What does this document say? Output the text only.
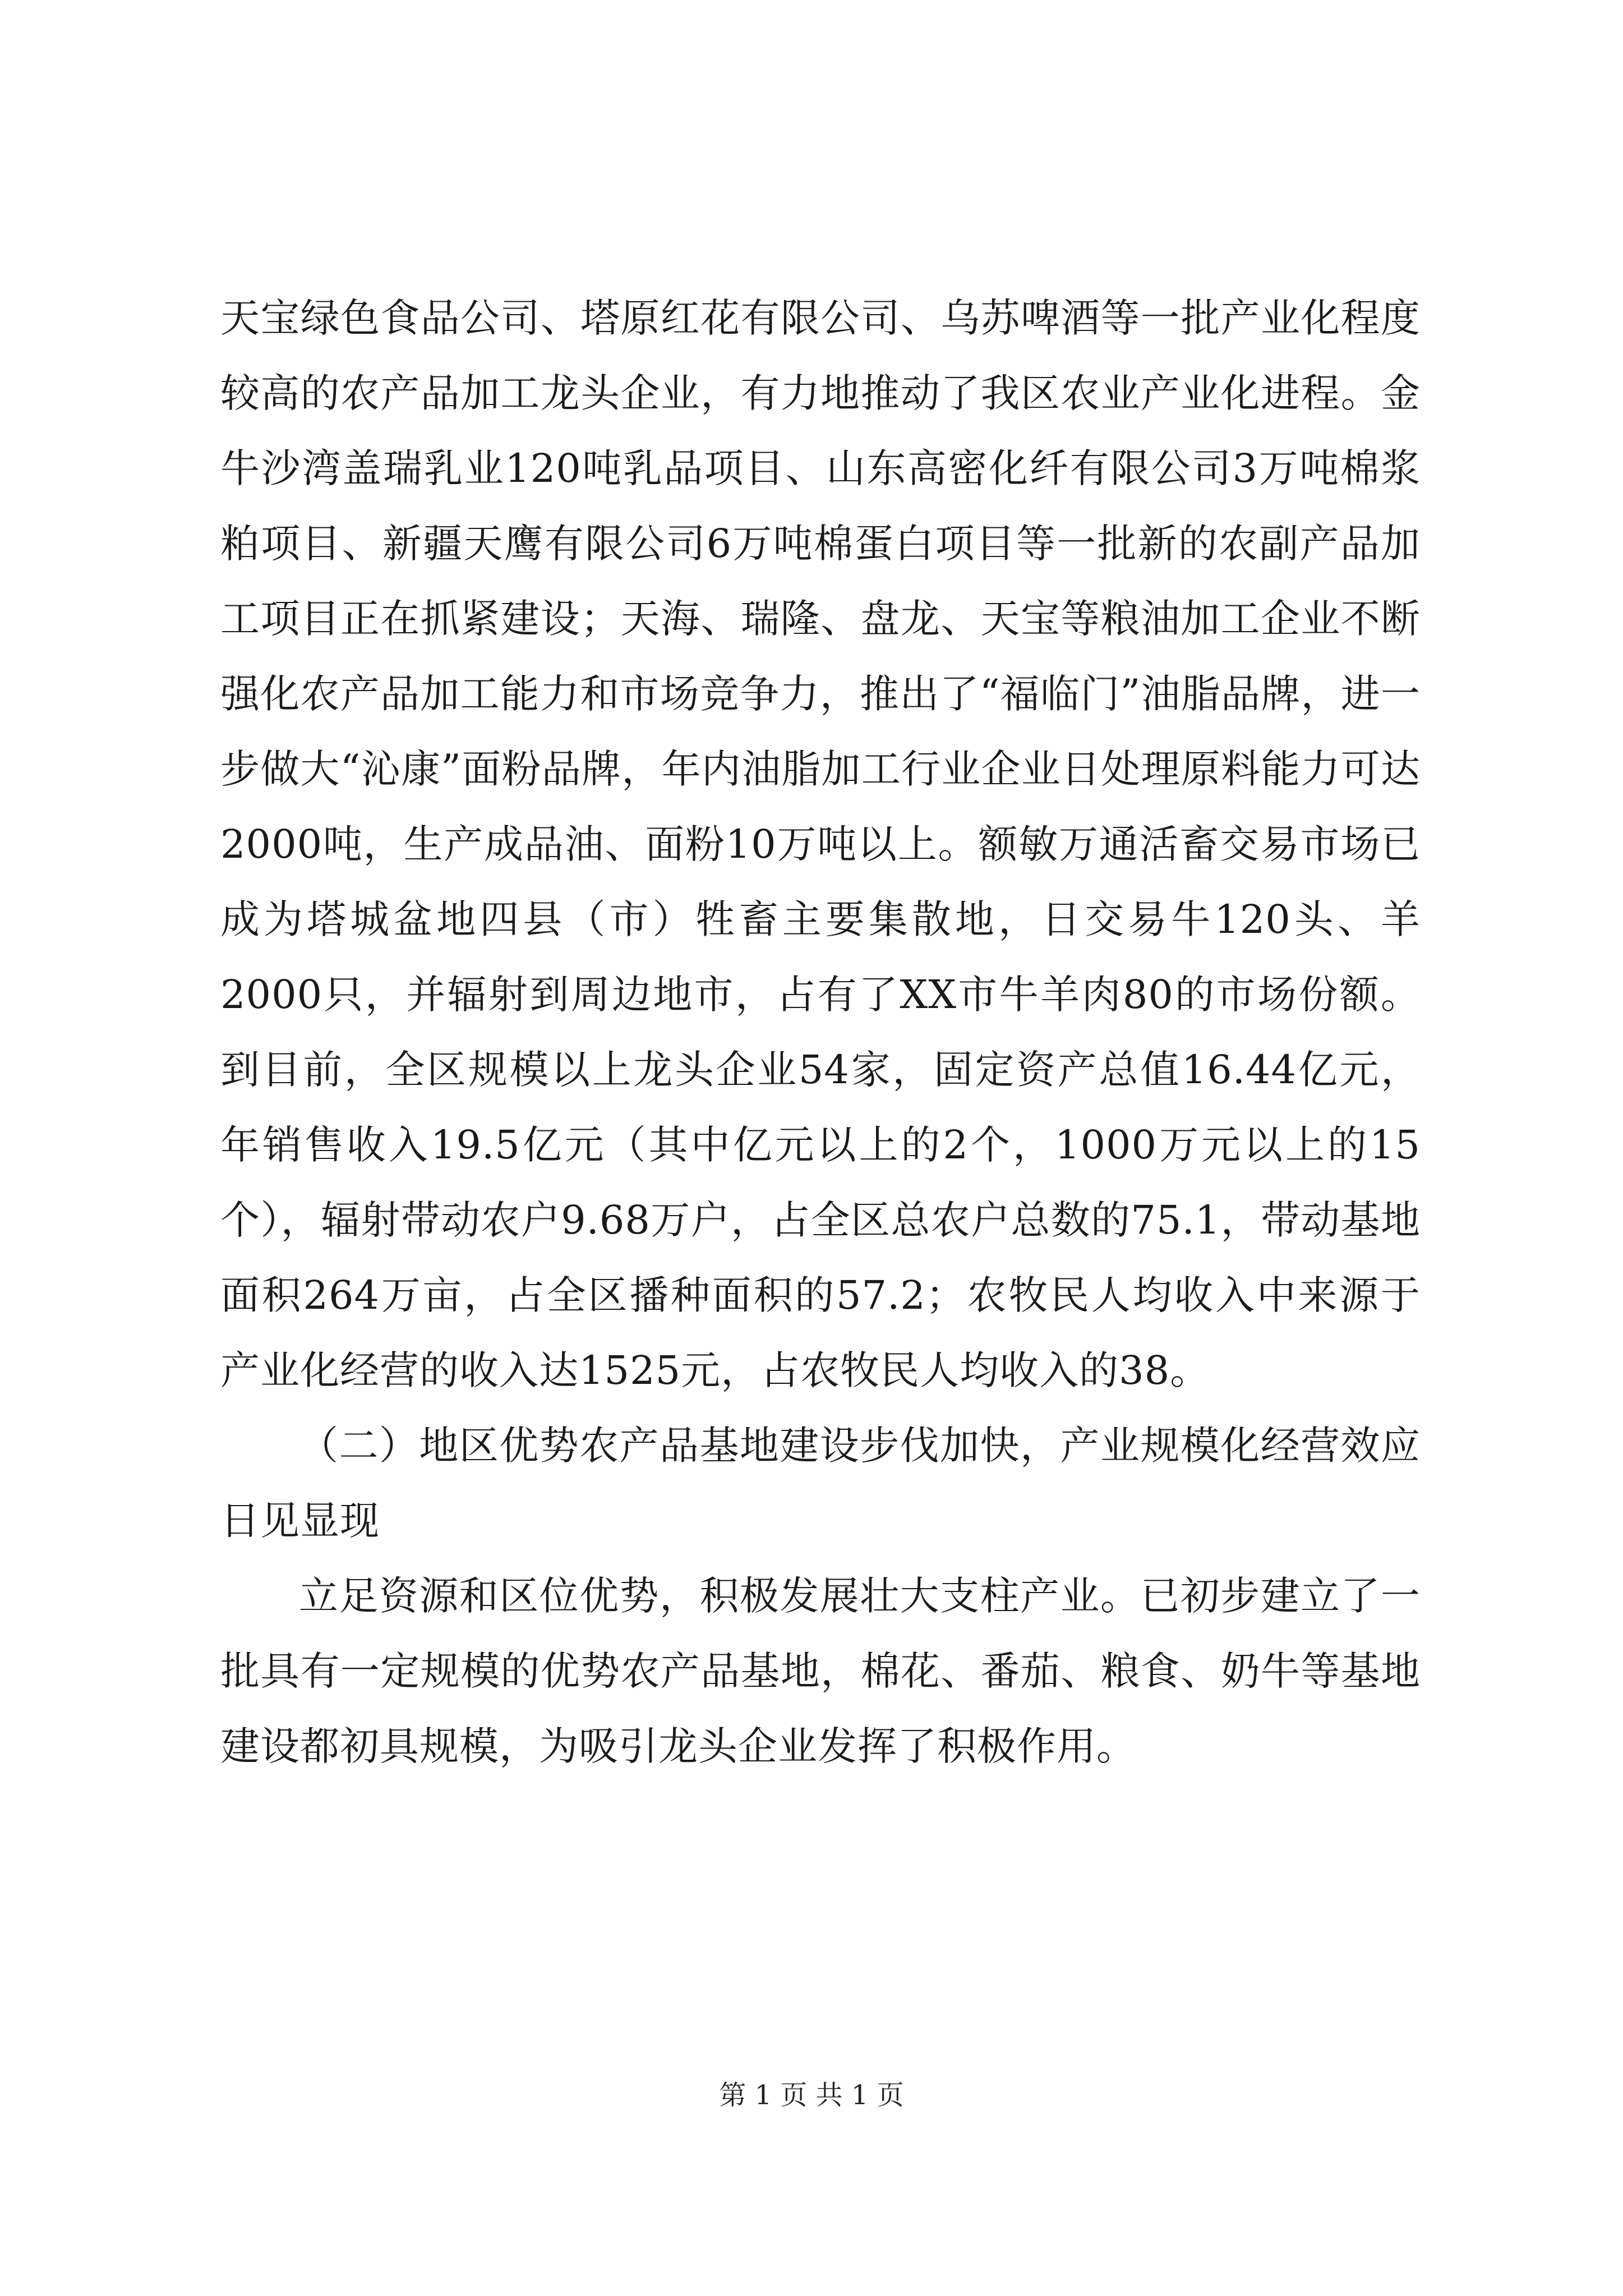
天宝绿色食品公司、塔原红花有限公司、乌苏啤酒等一批产业化程度较高的农产品加工龙头企业，有力地推动了我区农业产业化进程。金牛沙湾盖瑞乳业120吨乳品项目、山东高密化纤有限公司3万吨棉浆粕项目、新疆天鹰有限公司6万吨棉蛋白项目等一批新的农副产品加工项目正在抓紧建设；天海、瑞隆、盘龙、天宝等粮油加工企业不断强化农产品加工能力和市场竞争力，推出了“福临门”油脂品牌，进一步做大“沁康”面粉品牌，年内油脂加工行业企业日处理原料能力可达2000吨，生产成品油、面粉10万吨以上。额敏万通活畜交易市场已成为塔城盆地四县（市）牲畜主要集散地，日交易牛120头、羊2000只，并辐射到周边地市，占有了XX市牛羊肉80的市场份额。到目前，全区规模以上龙头企业54家，固定资产总值16.44亿元，年销售收入19.5亿元（其中亿元以上的2个，1000万元以上的15个），辐射带动农户9.68万户，占全区总农户总数的75.1，带动基地面积264万亩，占全区播种面积的57.2；农牧民人均收入中来源于产业化经营的收入达1525元，占农牧民人均收入的38。

（二）地区优势农产品基地建设步伐加快，产业规模化经营效应日见显现

立足资源和区位优势，积极发展壮大支柱产业。已初步建立了一批具有一定规模的优势农产品基地，棉花、番茄、粮食、奶牛等基地建设都初具规模，为吸引龙头企业发挥了积极作用。

第 1 页 共 1 页
